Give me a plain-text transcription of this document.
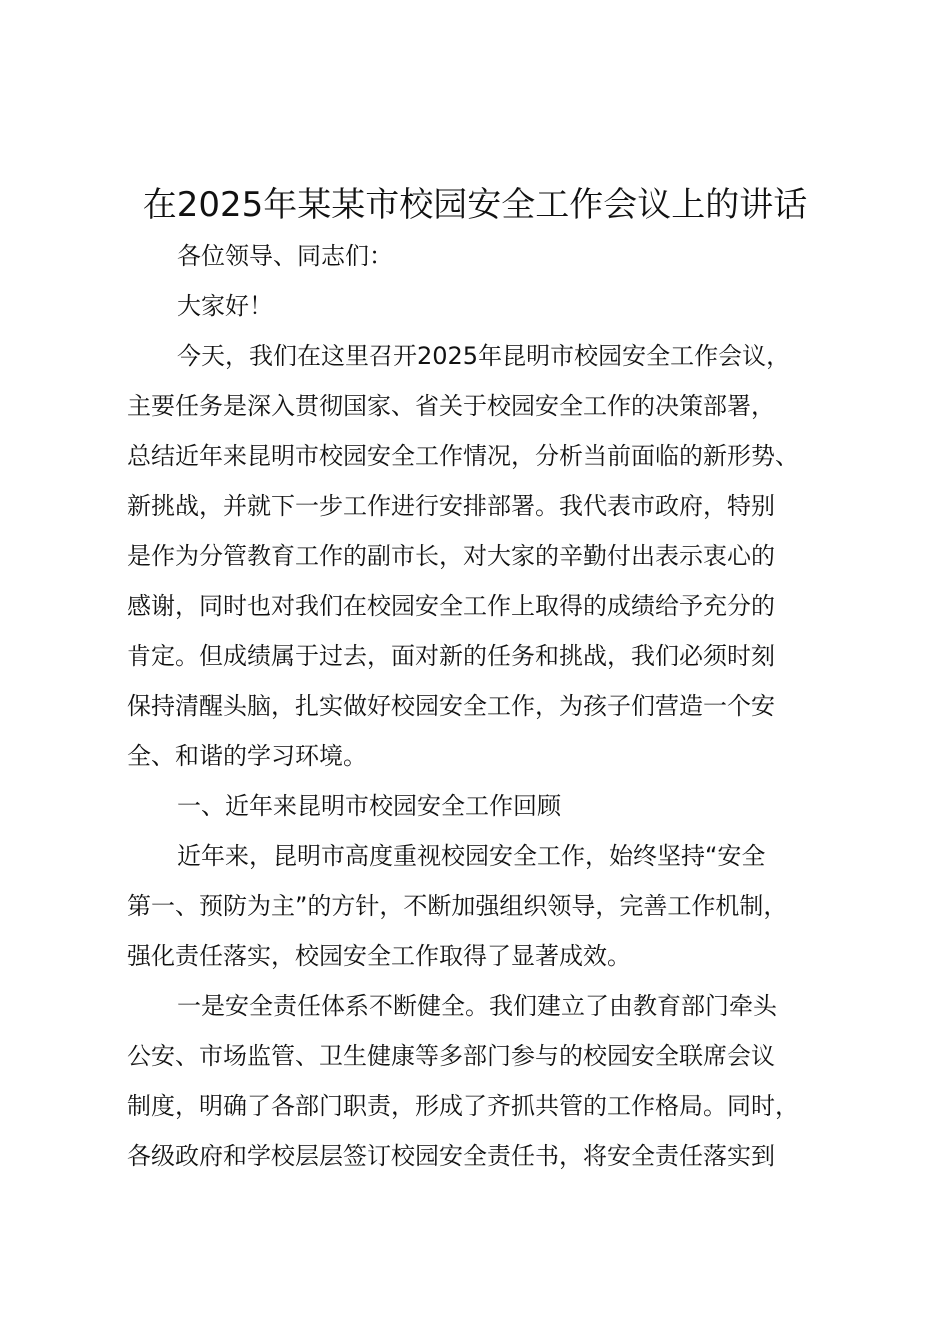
在2025年某某市校园安全工作会议上的讲话
各位领导、同志们：
大家好！
今天，我们在这里召开2025年昆明市校园安全工作会议，
主要任务是深入贯彻国家、省关于校园安全工作的决策部署，
总结近年来昆明市校园安全工作情况，分析当前面临的新形势、
新挑战，并就下一步工作进行安排部署。我代表市政府，特别
是作为分管教育工作的副市长，对大家的辛勤付出表示衷心的
感谢，同时也对我们在校园安全工作上取得的成绩给予充分的
肯定。但成绩属于过去，面对新的任务和挑战，我们必须时刻
保持清醒头脑，扎实做好校园安全工作，为孩子们营造一个安
全、和谐的学习环境。
一、近年来昆明市校园安全工作回顾
近年来，昆明市高度重视校园安全工作，始终坚持“安全
第一、预防为主”的方针，不断加强组织领导，完善工作机制，
强化责任落实，校园安全工作取得了显著成效。
一是安全责任体系不断健全。我们建立了由教育部门牵头
公安、市场监管、卫生健康等多部门参与的校园安全联席会议
制度，明确了各部门职责，形成了齐抓共管的工作格局。同时，
各级政府和学校层层签订校园安全责任书，将安全责任落实到
